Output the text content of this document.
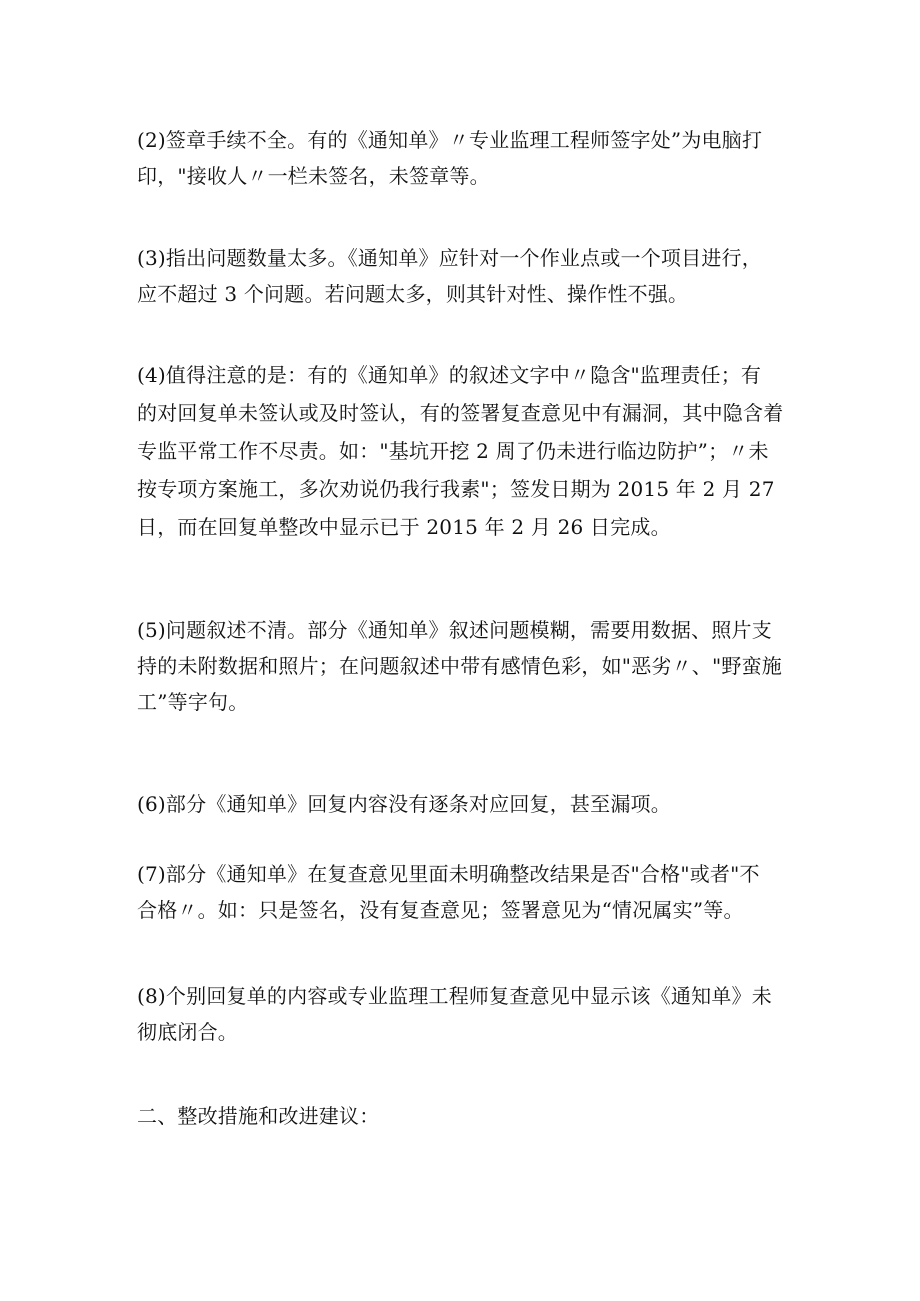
(2)签章手续不全。有的《通知单》〃专业监理工程师签字处”为电脑打
印，"接收人〃一栏未签名，未签章等。
(3)指出问题数量太多。《通知单》应针对一个作业点或一个项目进行，
应不超过 3 个问题。若问题太多，则其针对性、操作性不强。
(4)值得注意的是：有的《通知单》的叙述文字中〃隐含"监理责任；有
的对回复单未签认或及时签认，有的签署复查意见中有漏洞，其中隐含着
专监平常工作不尽责。如："基坑开挖 2 周了仍未进行临边防护”；〃未
按专项方案施工，多次劝说仍我行我素"；签发日期为 2015 年 2 月 27
日，而在回复单整改中显示已于 2015 年 2 月 26 日完成。
(5)问题叙述不清。部分《通知单》叙述问题模糊，需要用数据、照片支
持的未附数据和照片；在问题叙述中带有感情色彩，如"恶劣〃、"野蛮施
工”等字句。
(6)部分《通知单》回复内容没有逐条对应回复，甚至漏项。
(7)部分《通知单》在复查意见里面未明确整改结果是否"合格"或者"不
合格〃。如：只是签名，没有复查意见；签署意见为“情况属实”等。
(8)个别回复单的内容或专业监理工程师复查意见中显示该《通知单》未
彻底闭合。
二、整改措施和改进建议：
